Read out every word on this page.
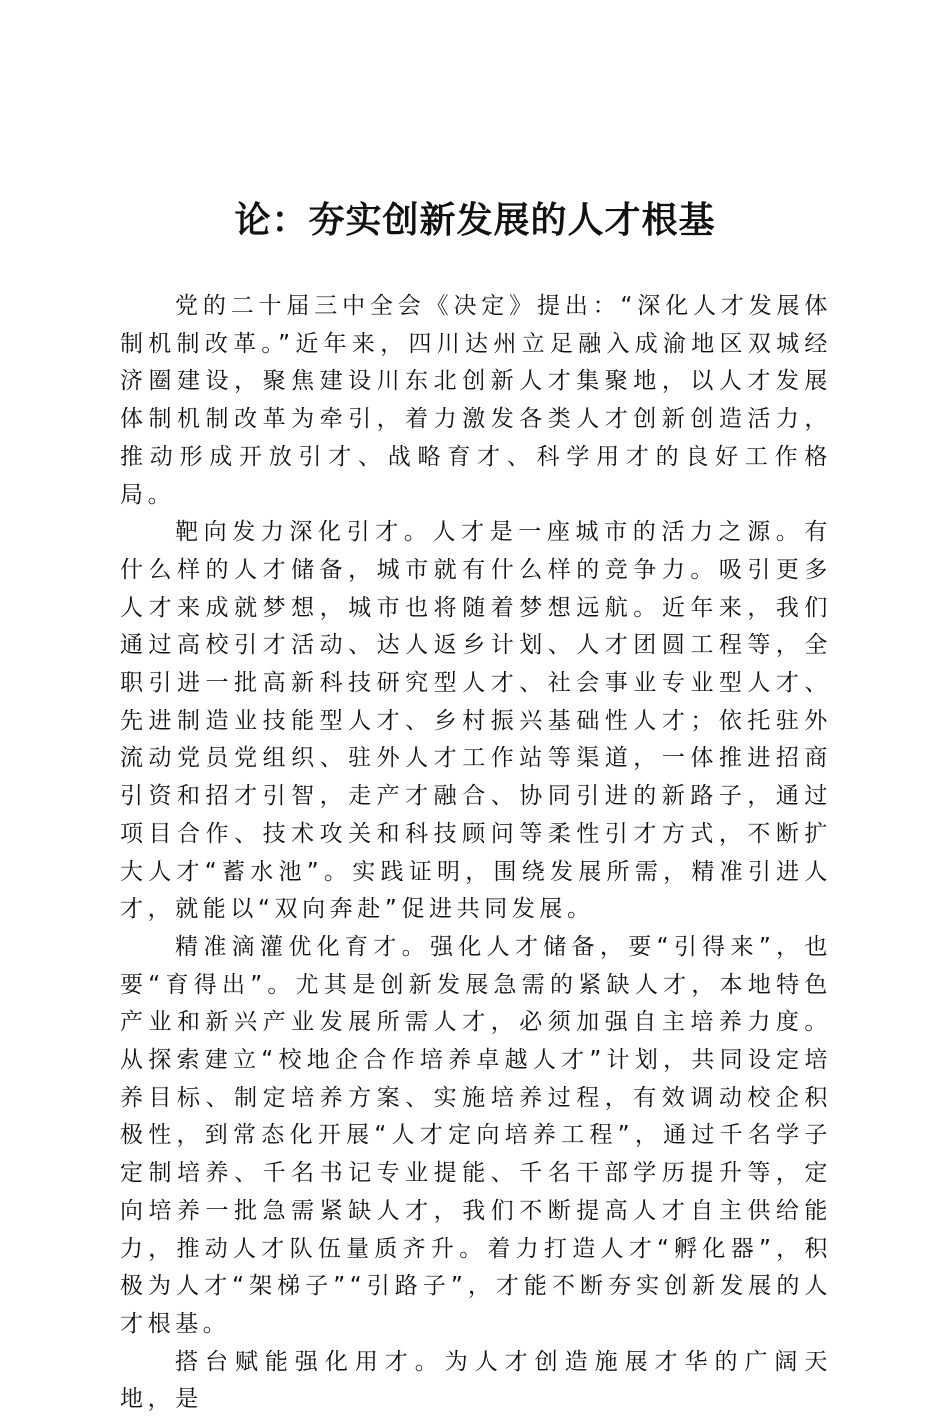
论：夯实创新发展的人才根基

党的二十届三中全会《决定》提出：“深化人才发展体制机制改革。”近年来，四川达州立足融入成渝地区双城经济圈建设，聚焦建设川东北创新人才集聚地，以人才发展体制机制改革为牵引，着力激发各类人才创新创造活力，推动形成开放引才、战略育才、科学用才的良好工作格局。

靶向发力深化引才。人才是一座城市的活力之源。有什么样的人才储备，城市就有什么样的竞争力。吸引更多人才来成就梦想，城市也将随着梦想远航。近年来，我们通过高校引才活动、达人返乡计划、人才团圆工程等，全职引进一批高新科技研究型人才、社会事业专业型人才、先进制造业技能型人才、乡村振兴基础性人才；依托驻外流动党员党组织、驻外人才工作站等渠道，一体推进招商引资和招才引智，走产才融合、协同引进的新路子，通过项目合作、技术攻关和科技顾问等柔性引才方式，不断扩大人才“蓄水池”。实践证明，围绕发展所需，精准引进人才，就能以“双向奔赴”促进共同发展。

精准滴灌优化育才。强化人才储备，要“引得来”，也要“育得出”。尤其是创新发展急需的紧缺人才，本地特色产业和新兴产业发展所需人才，必须加强自主培养力度。从探索建立“校地企合作培养卓越人才”计划，共同设定培养目标、制定培养方案、实施培养过程，有效调动校企积极性，到常态化开展“人才定向培养工程”，通过千名学子定制培养、千名书记专业提能、千名干部学历提升等，定向培养一批急需紧缺人才，我们不断提高人才自主供给能力，推动人才队伍量质齐升。着力打造人才“孵化器”，积极为人才“架梯子”“引路子”，才能不断夯实创新发展的人才根基。

搭台赋能强化用才。为人才创造施展才华的广阔天地，是
